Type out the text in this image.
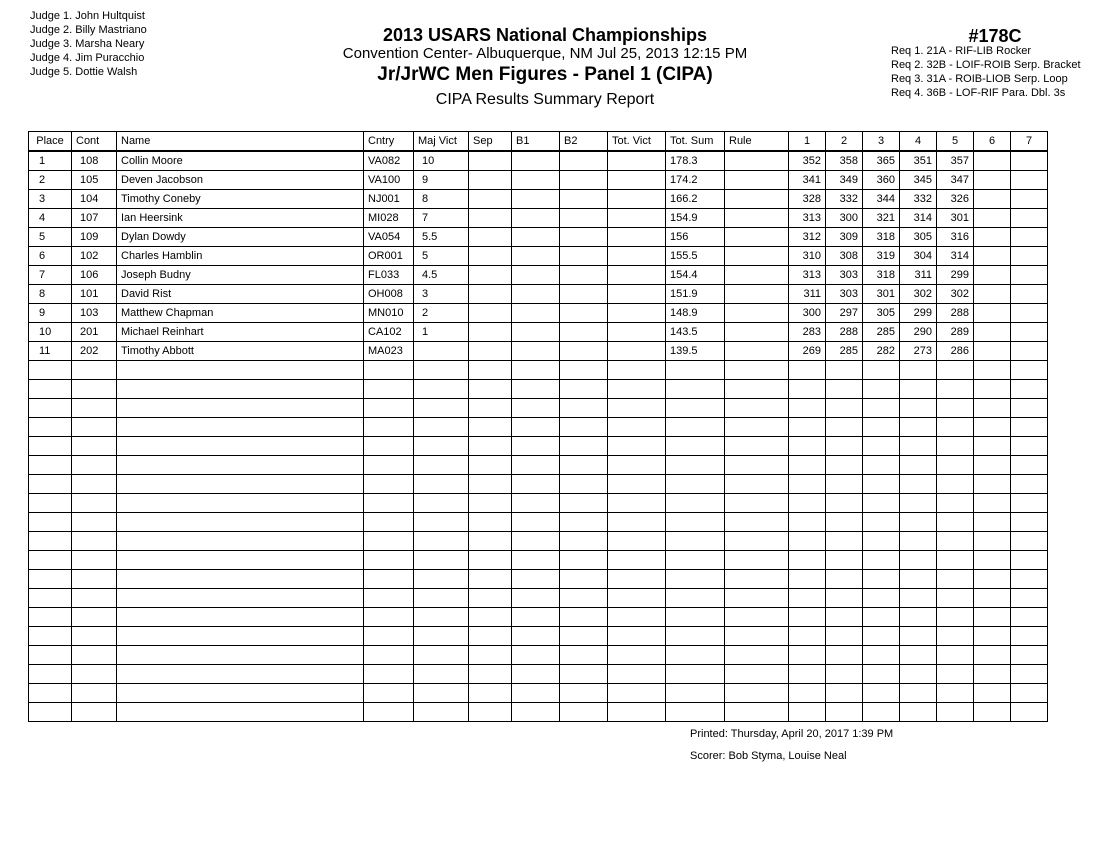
Judge 1. John Hultquist
Judge 2. Billy Mastriano
Judge 3. Marsha Neary
Judge 4. Jim Puracchio
Judge 5. Dottie Walsh
2013 USARS National Championships
Convention Center- Albuquerque, NM Jul 25, 2013 12:15 PM
Jr/JrWC Men Figures - Panel 1 (CIPA)
CIPA Results Summary Report
#178C
Req 1. 21A - RIF-LIB Rocker
Req 2. 32B - LOIF-ROIB Serp. Bracket
Req 3. 31A - ROIB-LIOB Serp. Loop
Req 4. 36B - LOF-RIF Para. Dbl. 3s
Place	Cont	Name	Cntry	Maj Vict	Sep	B1	B2	Tot. Vict	Tot. Sum	Rule	1	2	3	4	5	6	7
1	108	Collin Moore	VA082	10					178.3		352	358	365	351	357		
2	105	Deven Jacobson	VA100	9					174.2		341	349	360	345	347		
3	104	Timothy Coneby	NJ001	8					166.2		328	332	344	332	326		
4	107	Ian Heersink	MI028	7					154.9		313	300	321	314	301		
5	109	Dylan Dowdy	VA054	5.5					156		312	309	318	305	316		
6	102	Charles Hamblin	OR001	5					155.5		310	308	319	304	314		
7	106	Joseph Budny	FL033	4.5					154.4		313	303	318	311	299		
8	101	David Rist	OH008	3					151.9		311	303	301	302	302		
9	103	Matthew Chapman	MN010	2					148.9		300	297	305	299	288		
10	201	Michael Reinhart	CA102	1					143.5		283	288	285	290	289		
11	202	Timothy Abbott	MA023						139.5		269	285	282	273	286		

Printed: Thursday, April 20, 2017 1:39 PM
Scorer: Bob Styma, Louise Neal
